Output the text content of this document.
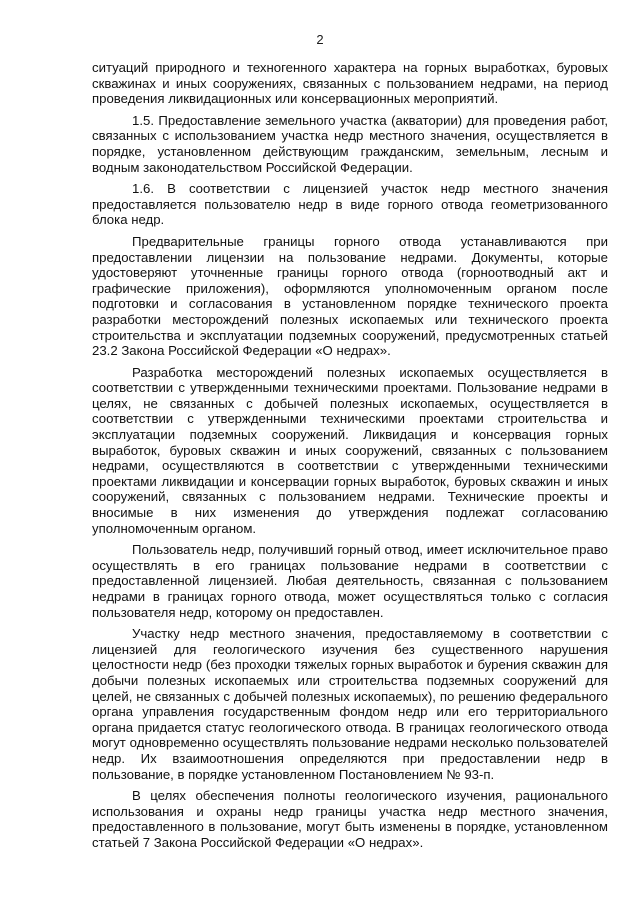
2

ситуаций природного и техногенного характера на горных выработках, буровых скважинах и иных сооружениях, связанных с пользованием недрами, на период проведения ликвидационных или консервационных мероприятий.

1.5. Предоставление земельного участка (акватории) для проведения работ, связанных с использованием участка недр местного значения, осуществляется в порядке, установленном действующим гражданским, земельным, лесным и водным законодательством Российской Федерации.

1.6. В соответствии с лицензией участок недр местного значения предоставляется пользователю недр в виде горного отвода геометризованного блока недр.

Предварительные границы горного отвода устанавливаются при предоставлении лицензии на пользование недрами. Документы, которые удостоверяют уточненные границы горного отвода (горноотводный акт и графические приложения), оформляются уполномоченным органом после подготовки и согласования в установленном порядке технического проекта разработки месторождений полезных ископаемых или технического проекта строительства и эксплуатации подземных сооружений, предусмотренных статьей 23.2 Закона Российской Федерации «О недрах».

Разработка месторождений полезных ископаемых осуществляется в соответствии с утвержденными техническими проектами. Пользование недрами в целях, не связанных с добычей полезных ископаемых, осуществляется в соответствии с утвержденными техническими проектами строительства и эксплуатации подземных сооружений. Ликвидация и консервация горных выработок, буровых скважин и иных сооружений, связанных с пользованием недрами, осуществляются в соответствии с утвержденными техническими проектами ликвидации и консервации горных выработок, буровых скважин и иных сооружений, связанных с пользованием недрами. Технические проекты и вносимые в них изменения до утверждения подлежат согласованию уполномоченным органом.

Пользователь недр, получивший горный отвод, имеет исключительное право осуществлять в его границах пользование недрами в соответствии с предоставленной лицензией. Любая деятельность, связанная с пользованием недрами в границах горного отвода, может осуществляться только с согласия пользователя недр, которому он предоставлен.

Участку недр местного значения, предоставляемому в соответствии с лицензией для геологического изучения без существенного нарушения целостности недр (без проходки тяжелых горных выработок и бурения скважин для добычи полезных ископаемых или строительства подземных сооружений для целей, не связанных с добычей полезных ископаемых), по решению федерального органа управления государственным фондом недр или его территориального органа придается статус геологического отвода. В границах геологического отвода могут одновременно осуществлять пользование недрами несколько пользователей недр. Их взаимоотношения определяются при предоставлении недр в пользование, в порядке установленном Постановлением № 93-п.

В целях обеспечения полноты геологического изучения, рационального использования и охраны недр границы участка недр местного значения, предоставленного в пользование, могут быть изменены в порядке, установленном статьей 7 Закона Российской Федерации «О недрах».
